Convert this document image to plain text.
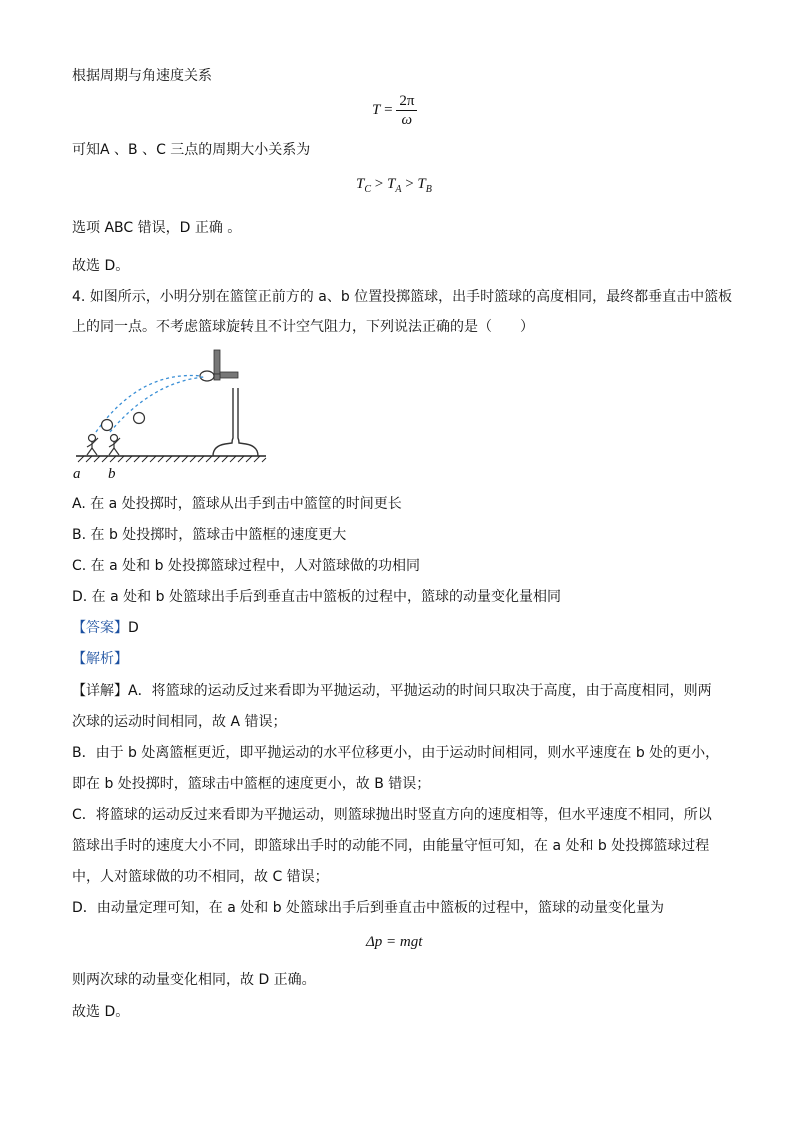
根据周期与角速度关系
$T = \frac{2\pi}{\omega}$
可知A 、B 、C 三点的周期大小关系为
$T_C > T_A > T_B$
选项 ABC 错误，D 正确 。
故选 D。
4. 如图所示，小明分别在篮筐正前方的 a、b 位置投掷篮球，出手时篮球的高度相同，最终都垂直击中篮板
上的同一点。不考虑篮球旋转且不计空气阻力，下列说法正确的是（　　）
a b
A. 在 a 处投掷时，篮球从出手到击中篮筐的时间更长
B. 在 b 处投掷时，篮球击中篮框的速度更大
C. 在 a 处和 b 处投掷篮球过程中，人对篮球做的功相同
D. 在 a 处和 b 处篮球出手后到垂直击中篮板的过程中，篮球的动量变化量相同
【答案】D
【解析】
【详解】A．将篮球的运动反过来看即为平抛运动，平抛运动的时间只取决于高度，由于高度相同，则两
次球的运动时间相同，故 A 错误；
B．由于 b 处离篮框更近，即平抛运动的水平位移更小，由于运动时间相同，则水平速度在 b 处的更小，
即在 b 处投掷时，篮球击中篮框的速度更小，故 B 错误；
C．将篮球的运动反过来看即为平抛运动，则篮球抛出时竖直方向的速度相等，但水平速度不相同，所以
篮球出手时的速度大小不同，即篮球出手时的动能不同，由能量守恒可知，在 a 处和 b 处投掷篮球过程
中，人对篮球做的功不相同，故 C 错误；
D．由动量定理可知，在 a 处和 b 处篮球出手后到垂直击中篮板的过程中，篮球的动量变化量为
Δp = mgt
则两次球的动量变化相同，故 D 正确。
故选 D。
